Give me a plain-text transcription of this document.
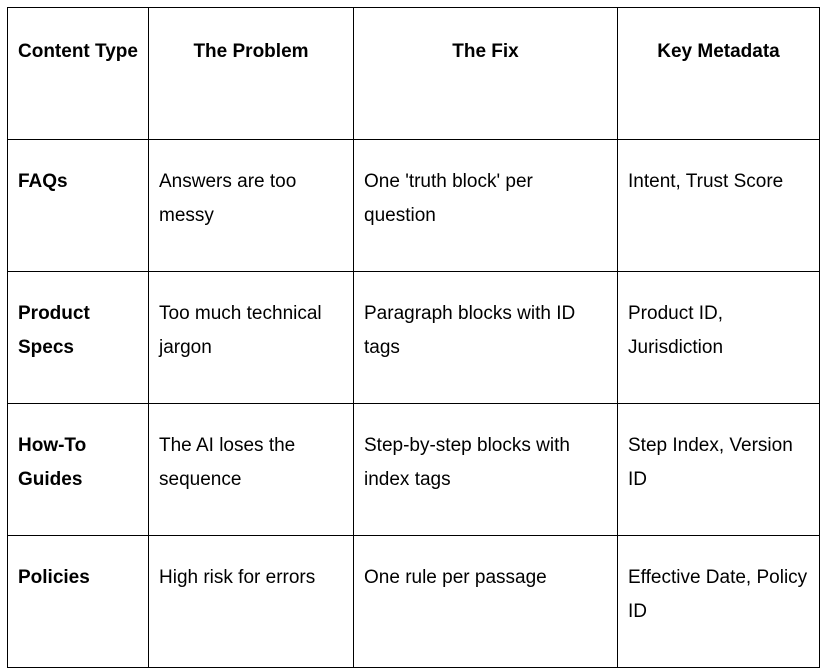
Content Type	The Problem	The Fix	Key Metadata
FAQs	Answers are too messy	One 'truth block' per question	Intent, Trust Score
Product Specs	Too much technical jargon	Paragraph blocks with ID tags	Product ID, Jurisdiction
How-To Guides	The AI loses the sequence	Step-by-step blocks with index tags	Step Index, Version ID
Policies	High risk for errors	One rule per passage	Effective Date, Policy ID
